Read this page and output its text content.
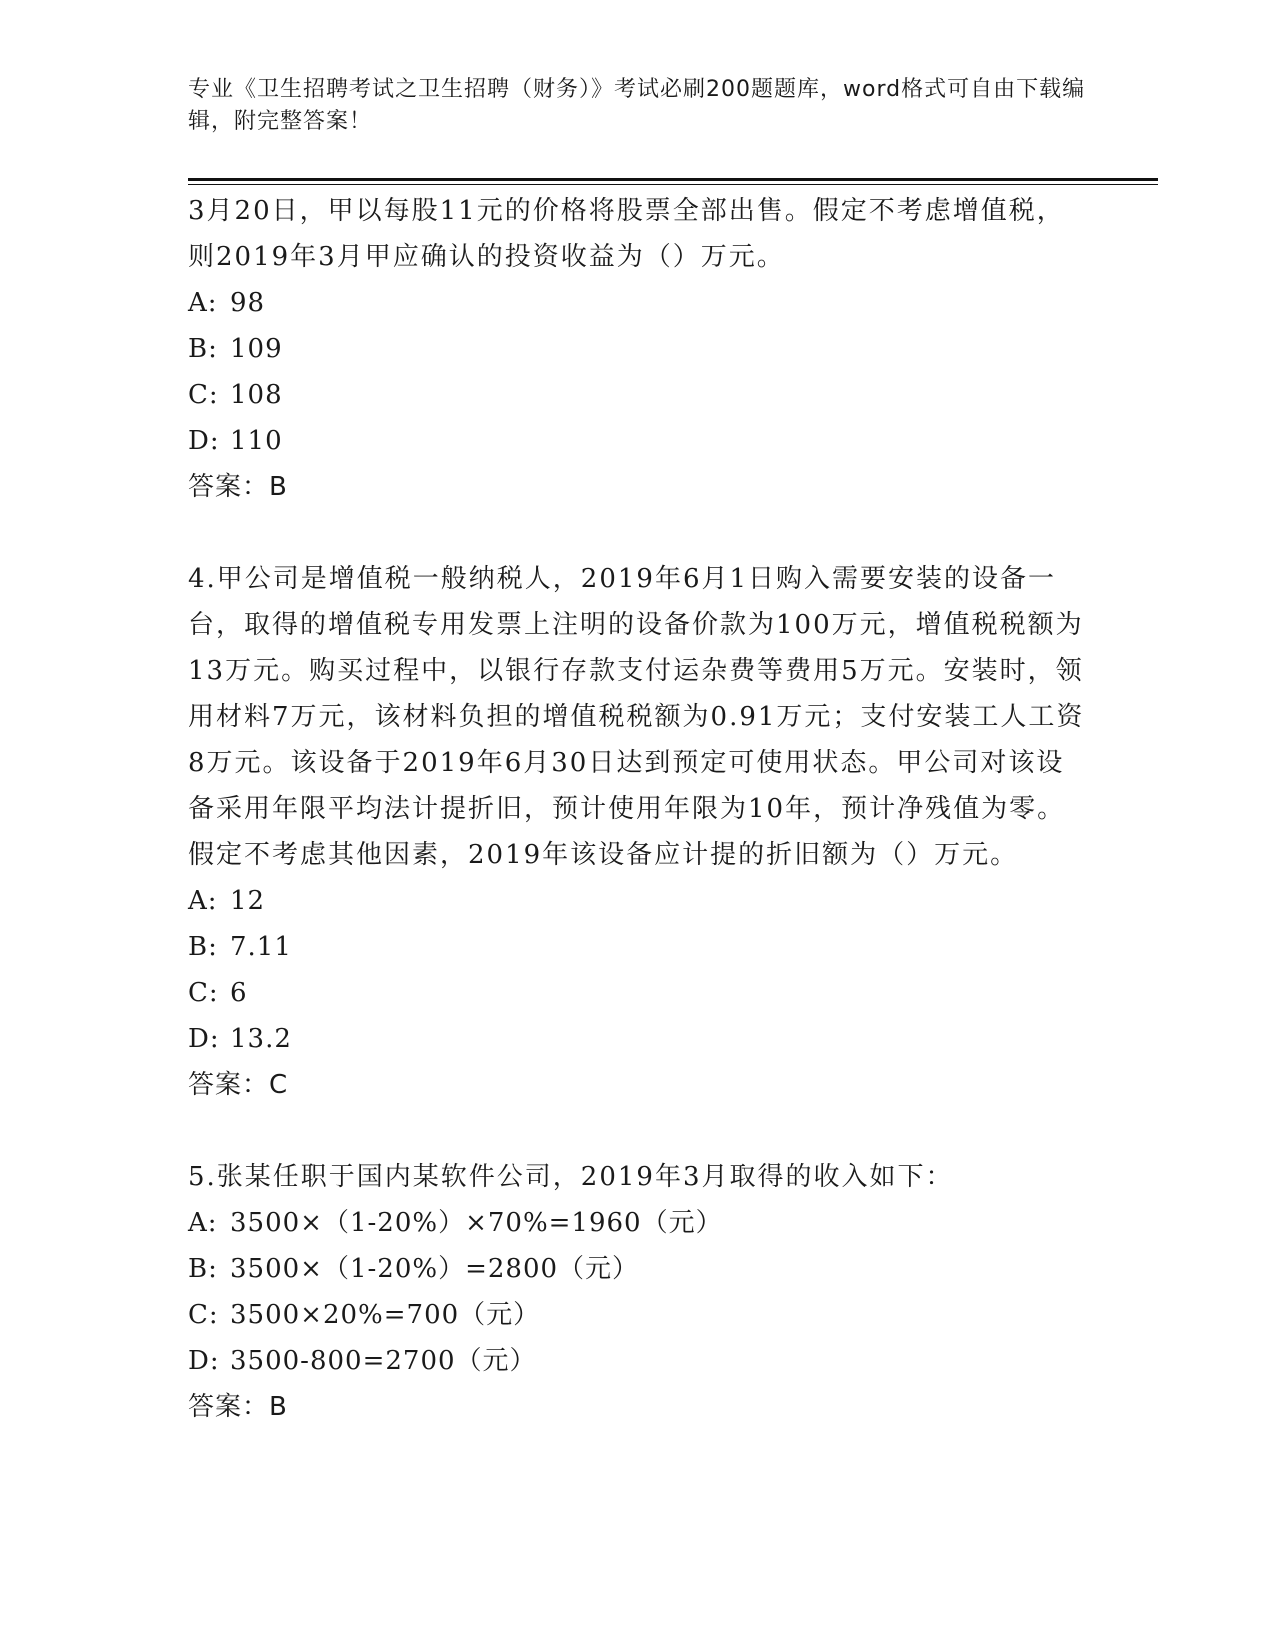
专业《卫生招聘考试之卫生招聘（财务）》考试必刷200题题库，word格式可自由下载编辑，附完整答案！

3月20日，甲以每股11元的价格将股票全部出售。假定不考虑增值税，则2019年3月甲应确认的投资收益为（）万元。

A: 98
B: 109
C: 108
D: 110
答案：B

4.甲公司是增值税一般纳税人，2019年6月1日购入需要安装的设备一台，取得的增值税专用发票上注明的设备价款为100万元，增值税税额为13万元。购买过程中，以银行存款支付运杂费等费用5万元。安装时，领用材料7万元，该材料负担的增值税税额为0.91万元；支付安装工人工资8万元。该设备于2019年6月30日达到预定可使用状态。甲公司对该设备采用年限平均法计提折旧，预计使用年限为10年，预计净残值为零。假定不考虑其他因素，2019年该设备应计提的折旧额为（）万元。

A: 12
B: 7.11
C: 6
D: 13.2
答案：C

5.张某任职于国内某软件公司，2019年3月取得的收入如下：

A: 3500×（1-20%）×70%=1960（元）
B: 3500×（1-20%）=2800（元）
C: 3500×20%=700（元）
D: 3500-800=2700（元）
答案：B
